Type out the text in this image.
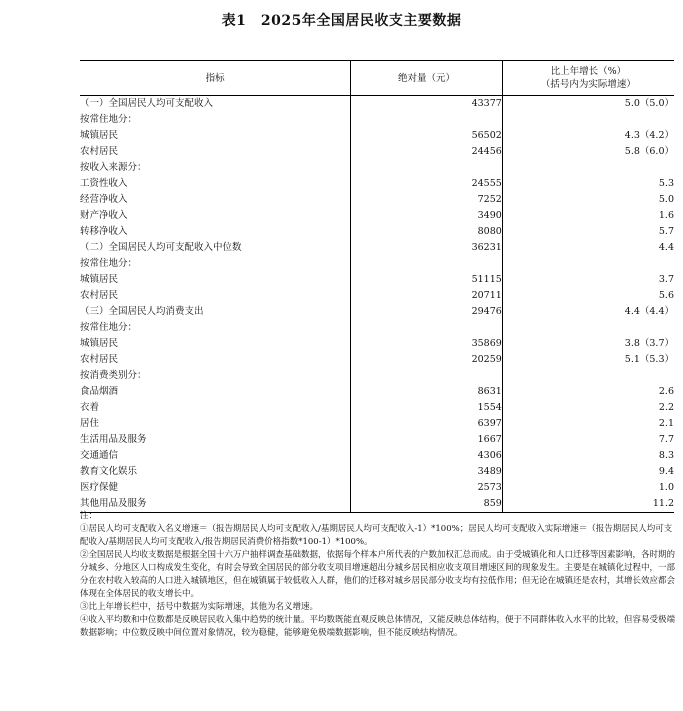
表1　2025年全国居民收支主要数据
指标	绝对量（元）	比上年增长（%）
（括号内为实际增速）

（一）全国居民人均可支配收入	43377	5.0（5.0）
按常住地分：		
城镇居民	56502	4.3（4.2）
农村居民	24456	5.8（6.0）
按收入来源分：		
工资性收入	24555	5.3
经营净收入	7252	5.0
财产净收入	3490	1.6
转移净收入	8080	5.7
（二）全国居民人均可支配收入中位数	36231	4.4
按常住地分：		
城镇居民	51115	3.7
农村居民	20711	5.6
（三）全国居民人均消费支出	29476	4.4（4.4）
按常住地分：		
城镇居民	35869	3.8（3.7）
农村居民	20259	5.1（5.3）
按消费类别分：		
食品烟酒	8631	2.6
衣着	1554	2.2
居住	6397	2.1
生活用品及服务	1667	7.7
交通通信	4306	8.3
教育文化娱乐	3489	9.4
医疗保健	2573	1.0
其他用品及服务	859	11.2

注：

①居民人均可支配收入名义增速＝（报告期居民人均可支配收入/基期居民人均可支配收入-1）*100%；居民人均可支配收入实际增速＝（报告期居民人均可支配收入/基期居民人均可支配收入/报告期居民消费价格指数*100-1）*100%。

②全国居民人均收支数据是根据全国十六万户抽样调查基础数据，依据每个样本户所代表的户数加权汇总而成。由于受城镇化和人口迁移等因素影响，各时期的分城乡、分地区人口构成发生变化，有时会导致全国居民的部分收支项目增速超出分城乡居民相应收支项目增速区间的现象发生。主要是在城镇化过程中，一部分在农村收入较高的人口进入城镇地区，但在城镇属于较低收入人群，他们的迁移对城乡居民部分收支均有拉低作用；但无论在城镇还是农村，其增长效应都会体现在全体居民的收支增长中。

③比上年增长栏中，括号中数据为实际增速，其他为名义增速。

④收入平均数和中位数都是反映居民收入集中趋势的统计量。平均数既能直观反映总体情况，又能反映总体结构，便于不同群体收入水平的比较，但容易受极端数据影响；中位数反映中间位置对象情况，较为稳健，能够避免极端数据影响，但不能反映结构情况。
